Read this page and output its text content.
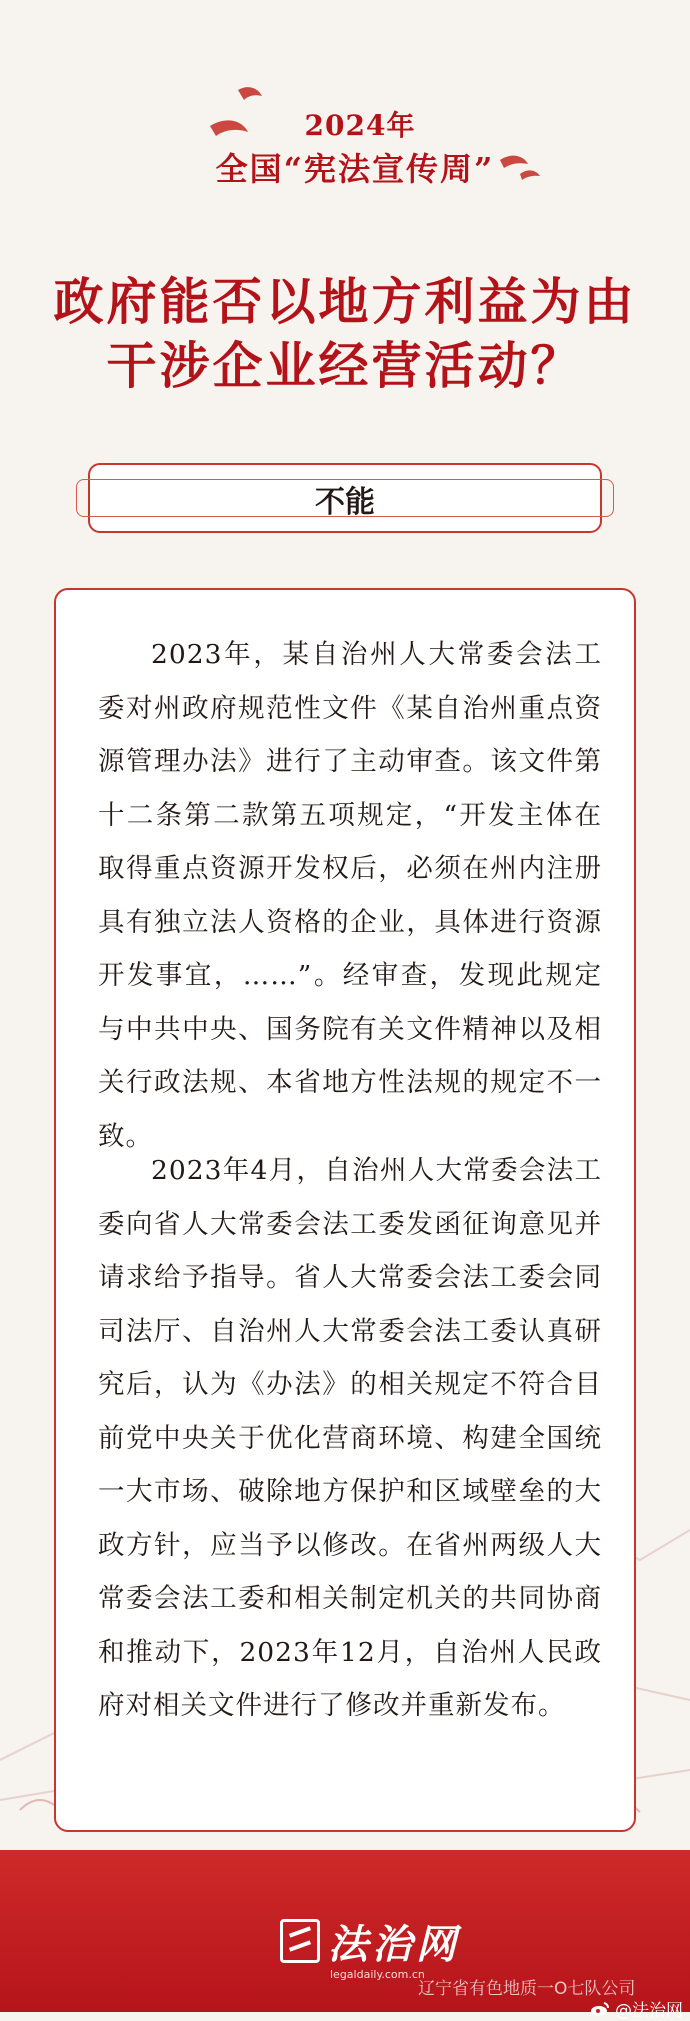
2024年
全国“宪法宣传周”
政府能否以地方利益为由
干涉企业经营活动？
不能

2023年，某自治州人大常委会法工委对州政府规范性文件《某自治州重点资源管理办法》进行了主动审查。该文件第十二条第二款第五项规定，“开发主体在取得重点资源开发权后，必须在州内注册具有独立法人资格的企业，具体进行资源开发事宜，……”。经审查，发现此规定与中共中央、国务院有关文件精神以及相关行政法规、本省地方性法规的规定不一致。

2023年4月，自治州人大常委会法工委向省人大常委会法工委发函征询意见并请求给予指导。省人大常委会法工委会同司法厅、自治州人大常委会法工委认真研究后，认为《办法》的相关规定不符合目前党中央关于优化营商环境、构建全国统一大市场、破除地方保护和区域壁垒的大政方针，应当予以修改。在省州两级人大常委会法工委和相关制定机关的共同协商和推动下，2023年12月，自治州人民政府对相关文件进行了修改并重新发布。

法治网
legaldaily.com.cn
辽宁省有色地质一O七队公司
@法治网
